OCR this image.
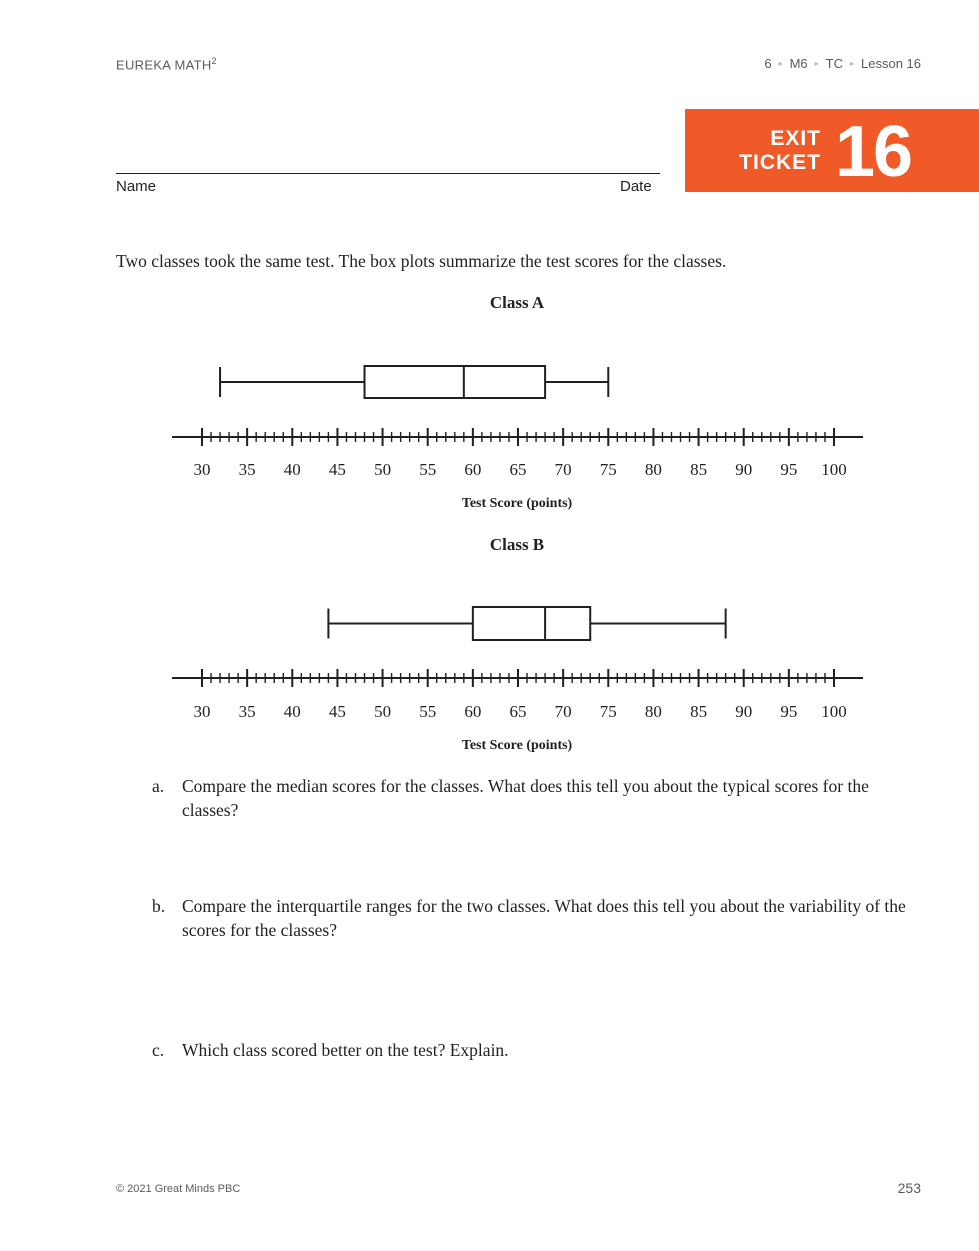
EUREKA MATH$^2$	6 ▸ M6 ▸ TC ▸ Lesson 16
Name	Date
EXIT
TICKET 16
Two classes took the same test. The box plots summarize the test scores for the classes.
Class A
30 35 40 45 50 55 60 65 70 75 80 85 90 95 100
Test Score (points)
Class B
30 35 40 45 50 55 60 65 70 75 80 85 90 95 100
Test Score (points)
a. Compare the median scores for the classes. What does this tell you about the typical scores for the classes?
b. Compare the interquartile ranges for the two classes. What does this tell you about the variability of the scores for the classes?
c. Which class scored better on the test? Explain.
© 2021 Great Minds PBC	253
